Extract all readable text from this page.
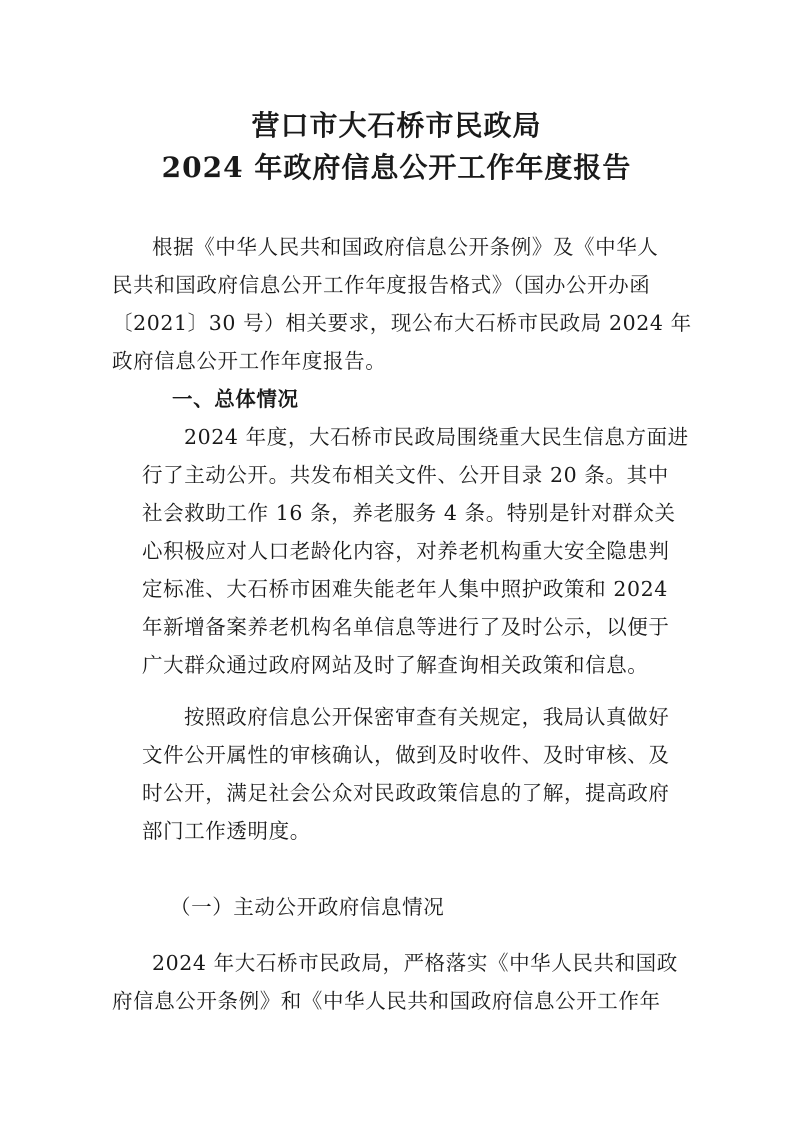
营口市大石桥市民政局
2024 年政府信息公开工作年度报告
根据《中华人民共和国政府信息公开条例》及《中华人
民共和国政府信息公开工作年度报告格式》（国办公开办函
〔2021〕30 号）相关要求，现公布大石桥市民政局 2024 年
政府信息公开工作年度报告。
一、总体情况
2024 年度，大石桥市民政局围绕重大民生信息方面进
行了主动公开。共发布相关文件、公开目录 20 条。其中
社会救助工作 16 条，养老服务 4 条。特别是针对群众关
心积极应对人口老龄化内容，对养老机构重大安全隐患判
定标准、大石桥市困难失能老年人集中照护政策和 2024
年新增备案养老机构名单信息等进行了及时公示，以便于
广大群众通过政府网站及时了解查询相关政策和信息。
按照政府信息公开保密审查有关规定，我局认真做好
文件公开属性的审核确认，做到及时收件、及时审核、及
时公开，满足社会公众对民政政策信息的了解，提高政府
部门工作透明度。
（一）主动公开政府信息情况
2024 年大石桥市民政局，严格落实《中华人民共和国政
府信息公开条例》和《中华人民共和国政府信息公开工作年
